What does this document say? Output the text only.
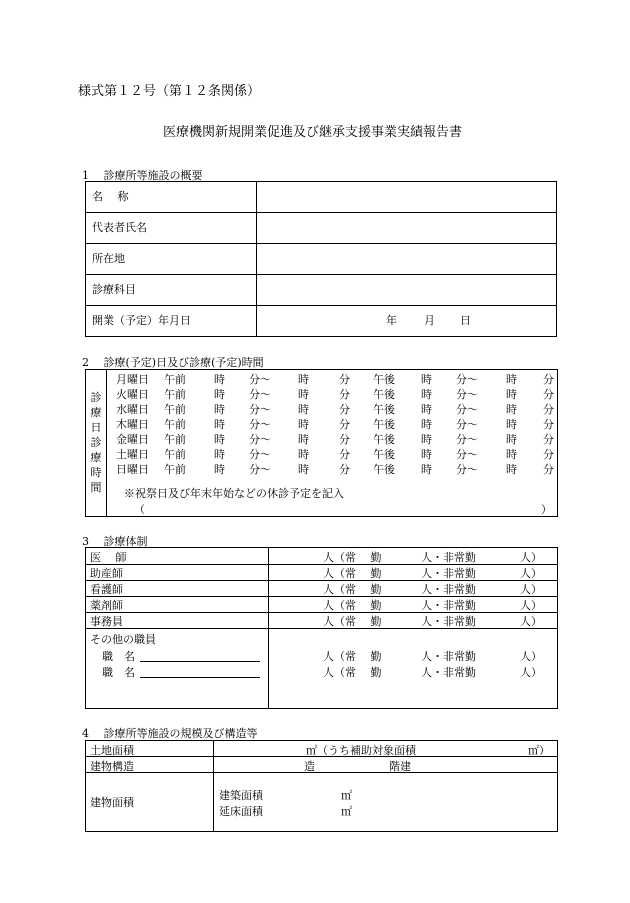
様式第１２号（第１２条関係）
医療機関新規開業促進及び継承支援事業実績報告書
1　 診療所等施設の概要
名　 称	
代表者氏名	
所在地	
診療科目	
開業（予定）年月日	年 月 日
2　 診療(予定)日及び診療(予定)時間
診
療
日
診
療
時
間
月曜日 午前	時 分～ 時	分 午後 時 分～	時 分
火曜日 午前	時 分～ 時	分 午後 時 分～	時 分
水曜日 午前	時 分～ 時	分 午後 時 分～	時 分
木曜日 午前	時 分～ 時	分 午後 時 分～	時 分
金曜日 午前	時 分～ 時	分 午後 時 分～	時 分
土曜日 午前	時 分～ 時	分 午後 時 分～	時 分
日曜日 午前	時 分～ 時	分 午後 時 分～	時 分
※祝祭日及び年末年始などの休診予定を記入
（	）
3　 診療体制
医　 師	人（常　 勤	人・非常勤	人）
助産師	人（常　 勤	人・非常勤	人）
看護師	人（常　 勤	人・非常勤	人）
薬剤師	人（常　 勤	人・非常勤	人）
事務員	人（常　 勤	人・非常勤	人）
その他の職員
職　名
職　名
人（常　 勤	人・非常勤	人）
人（常　 勤	人・非常勤	人）
4　 診療所等施設の規模及び構造等
土地面積	㎡（うち補助対象面積	㎡）
建物構造	造	階建
建物面積
建築面積	㎡
延床面積	㎡
